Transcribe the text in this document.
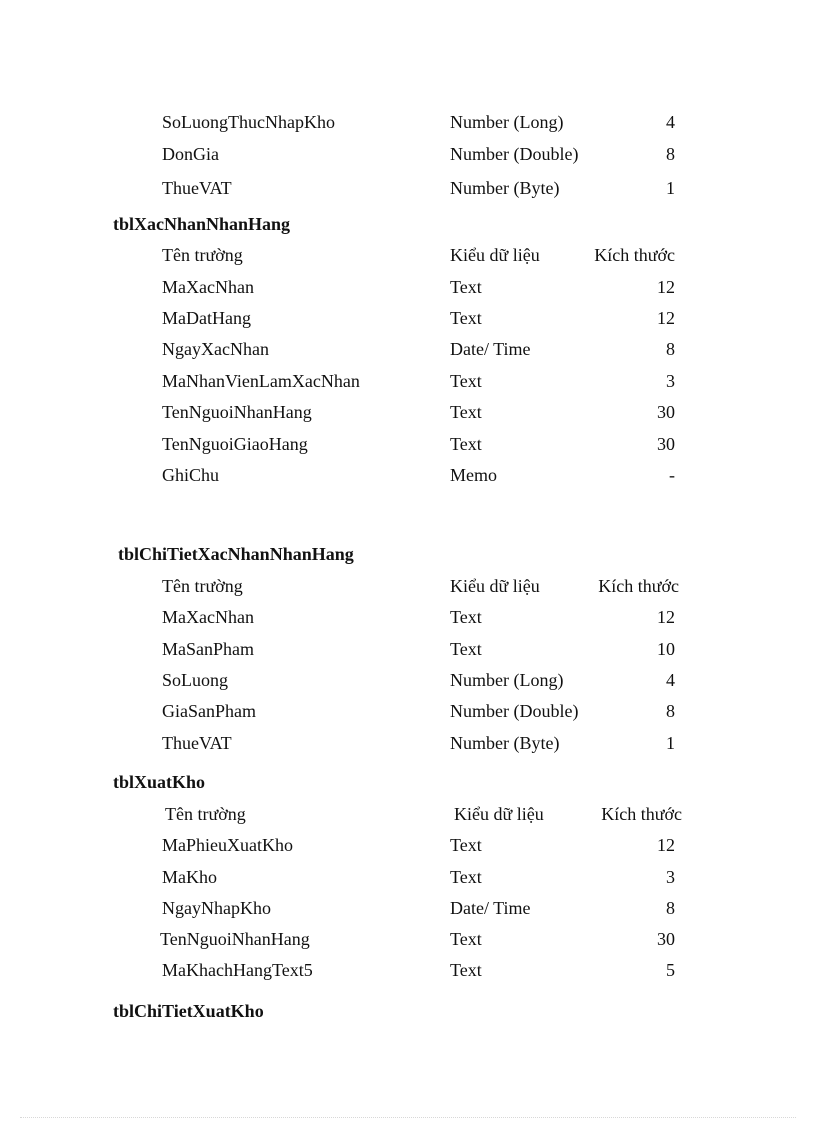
SoLuongThucNhapKho	Number (Long)	4
DonGia	Number (Double)	8
ThueVAT	Number (Byte)	1
tblXacNhanNhanHang
Tên trường	Kiểu dữ liệu	Kích thước
MaXacNhan	Text	12
MaDatHang	Text	12
NgayXacNhan	Date/ Time	8
MaNhanVienLamXacNhan	Text	3
TenNguoiNhanHang	Text	30
TenNguoiGiaoHang	Text	30
GhiChu	Memo	-
tblChiTietXacNhanNhanHang
Tên trường	Kiểu dữ liệu	Kích thước
MaXacNhan	Text	12
MaSanPham	Text	10
SoLuong	Number (Long)	4
GiaSanPham	Number (Double)	8
ThueVAT	Number (Byte)	1
tblXuatKho
Tên trường	Kiểu dữ liệu	Kích thước
MaPhieuXuatKho	Text	12
MaKho	Text	3
NgayNhapKho	Date/ Time	8
TenNguoiNhanHang	Text	30
MaKhachHangText5	Text	5
tblChiTietXuatKho
